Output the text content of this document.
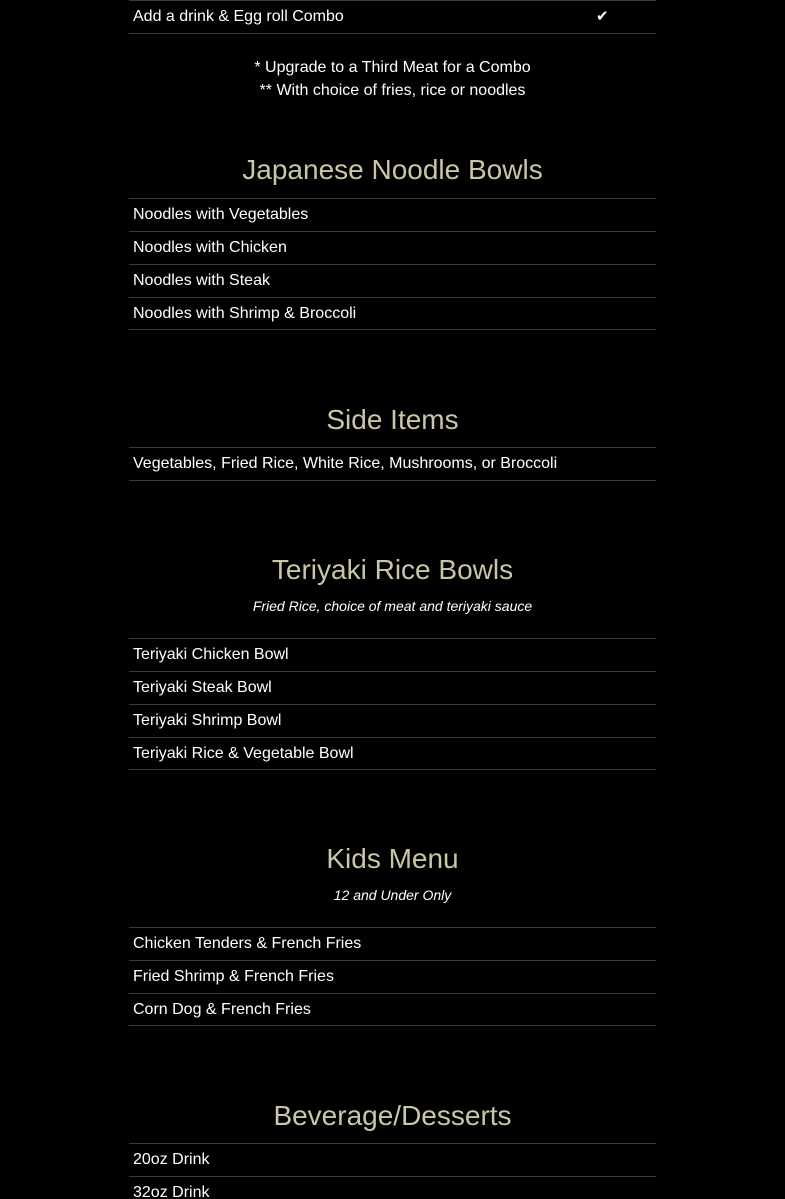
Add a drink & Egg roll Combo	✔
* Upgrade to a Third Meat for a Combo
** With choice of fries, rice or noodles
Japanese Noodle Bowls
Noodles with Vegetables
Noodles with Chicken
Noodles with Steak
Noodles with Shrimp & Broccoli
Side Items
Vegetables, Fried Rice, White Rice, Mushrooms, or Broccoli
Teriyaki Rice Bowls
Fried Rice, choice of meat and teriyaki sauce
Teriyaki Chicken Bowl
Teriyaki Steak Bowl
Teriyaki Shrimp Bowl
Teriyaki Rice & Vegetable Bowl
Kids Menu
12 and Under Only
Chicken Tenders & French Fries
Fried Shrimp & French Fries
Corn Dog & French Fries
Beverage/Desserts
20oz Drink
32oz Drink
